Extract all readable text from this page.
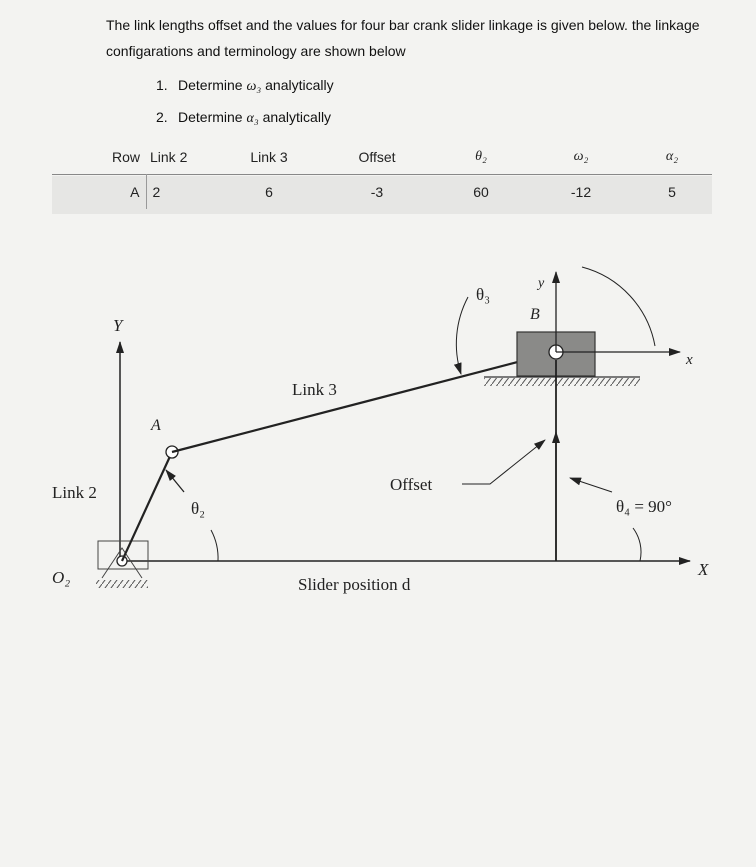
The link lengths offset and the values for four bar crank slider linkage is given below. the linkage configarations and terminology are shown below
1. Determine ω₃ analytically
2. Determine α₃ analytically
Row	Link 2	Link 3	Offset	θ₂	ω₂	α₂
A	2	6	-3	60	-12	5
Y
X
O₂
A
Link 2
θ₂
Link 3
θ₃
B
y
x
Offset
θ₄ = 90°
Slider position d
